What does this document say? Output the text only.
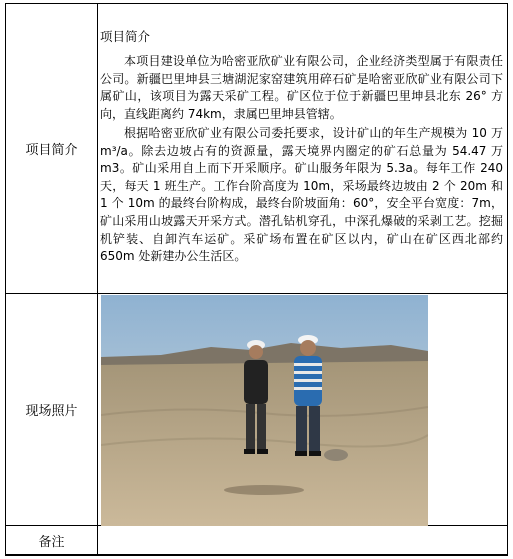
项目简介
项目简介
本项目建设单位为哈密亚欣矿业有限公司，企业经济类型属于有限责任公司。新疆巴里坤县三塘湖泥家窑建筑用碎石矿是哈密亚欣矿业有限公司下属矿山，该项目为露天采矿工程。矿区位于位于新疆巴里坤县北东 26° 方向，直线距离约 74km，隶属巴里坤县管辖。
根据哈密亚欣矿业有限公司委托要求，设计矿山的年生产规模为 10 万 m³/a。除去边坡占有的资源量，露天境界内圈定的矿石总量为 54.47 万 m3。矿山采用自上而下开采顺序。矿山服务年限为 5.3a。每年工作 240 天，每天 1 班生产。工作台阶高度为 10m，采场最终边坡由 2 个 20m 和 1 个 10m 的最终台阶构成，最终台阶坡面角：60°，安全平台宽度：7m，矿山采用山坡露天开采方式。潜孔钻机穿孔，中深孔爆破的采剥工艺。挖掘机铲装、自卸汽车运矿。采矿场布置在矿区以内，矿山在矿区西北部约 650m 处新建办公生活区。
现场照片
备注
